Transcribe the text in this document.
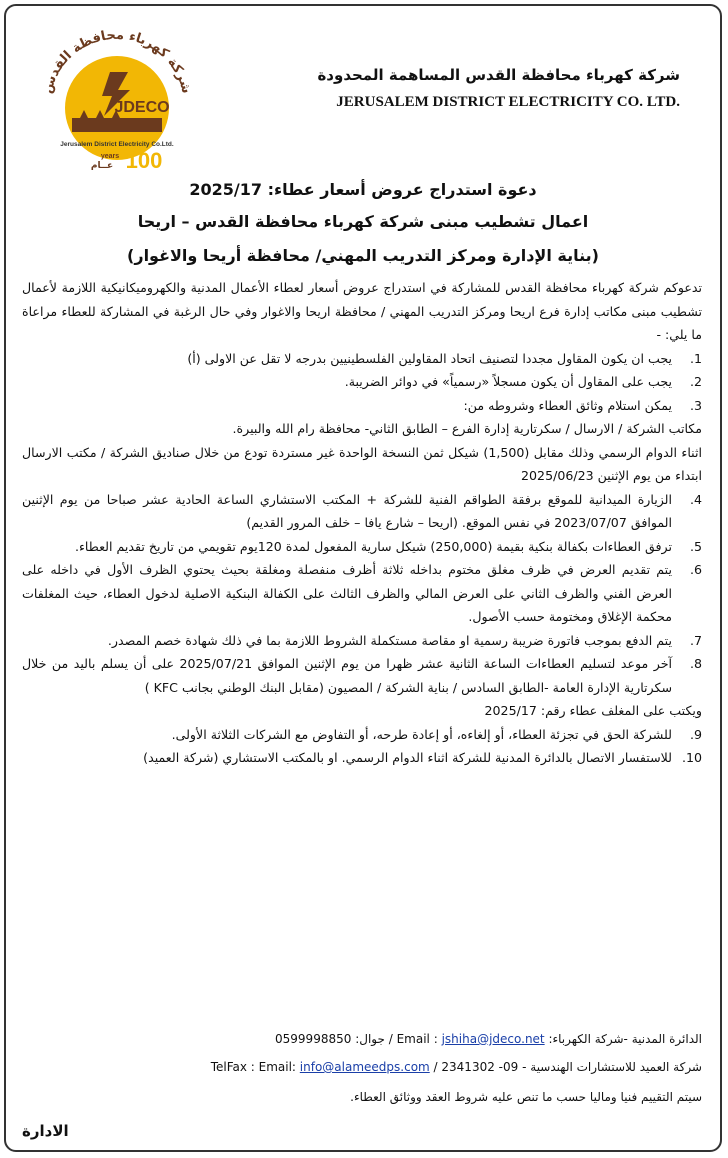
شركة كهرباء محافظة القدس
JDECO
Jerusalem District Electricity Co.Ltd.
100
years
عــام
شركة كهرباء محافظة القدس المساهمة المحدودة
JERUSALEM DISTRICT ELECTRICITY CO. LTD.
دعوة استدراج عروض أسعار عطاء: 2025/17
اعمال تشطيب مبنى شركة كهرباء محافظة القدس – اريحا
(بناية الإدارة ومركز التدريب المهني/ محافظة أريحا والاغوار)

تدعوكم شركة كهرباء محافظة القدس للمشاركة في استدراج عروض أسعار لعطاء الأعمال المدنية والكهروميكانيكية اللازمة لأعمال تشطيب مبنى مكاتب إدارة فرع اريحا ومركز التدريب المهني / محافظة اريحا والاغوار وفي حال الرغبة في المشاركة للعطاء مراعاة ما يلي: -

1.
يجب ان يكون المقاول مجددا لتصنيف اتحاد المقاولين الفلسطينيين بدرجه لا تقل عن الاولى (أ)
2.
يجب على المقاول أن يكون مسجلاً «رسمياً» في دوائر الضريبة.
3.
يمكن استلام وثائق العطاء وشروطه من:

مكاتب الشركة / الارسال / سكرتارية إدارة الفرع – الطابق الثاني- محافظة رام الله والبيرة.

اثناء الدوام الرسمي وذلك مقابل (1,500) شيكل ثمن النسخة الواحدة غير مستردة تودع من خلال صناديق الشركة / مكتب الارسال ابتداء من يوم الإثنين 2025/06/23

4.
الزيارة الميدانية للموقع برفقة الطواقم الفنية للشركة + المكتب الاستشاري الساعة الحادية عشر صباحا من يوم الإثنين الموافق 2023/07/07 في نفس الموقع. (اريحا – شارع يافا – خلف المرور القديم)
5.
ترفق العطاءات بكفالة بنكية بقيمة (250,000) شيكل سارية المفعول لمدة 120يوم تقويمي من تاريخ تقديم العطاء.
6.
يتم تقديم العرض في ظرف مغلق مختوم بداخله ثلاثة أظرف منفصلة ومغلقة بحيث يحتوي الظرف الأول في داخله على العرض الفني والظرف الثاني على العرض المالي والظرف الثالث على الكفالة البنكية الاصلية لدخول العطاء، حيث المغلفات محكمة الإغلاق ومختومة حسب الأصول.
7.
يتم الدفع بموجب فاتورة ضريبة رسمية او مقاصة مستكملة الشروط اللازمة بما في ذلك شهادة خصم المصدر.
8.
آخر موعد لتسليم العطاءات الساعة الثانية عشر ظهرا من يوم الإثنين الموافق 2025/07/21 على أن يسلم باليد من خلال سكرتارية الإدارة العامة -الطابق السادس / بناية الشركة / المصيون (مقابل البنك الوطني بجانب KFC )

ويكتب على المغلف عطاء رقم: 2025/17

9.
للشركة الحق في تجزئة العطاء، أو إلغاءه، أو إعادة طرحه، أو التفاوض مع الشركات الثلاثة الأولى.
10.
للاستفسار الاتصال بالدائرة المدنية للشركة اثناء الدوام الرسمي. او بالمكتب الاستشاري (شركة العميد)
الدائرة المدنية -شركة الكهرباء: Email : jshiha@jdeco.net / جوال: 0599998850
شركة العميد للاستشارات الهندسية - 09- 2341302 / TelFax : Email: info@alameedps.com
سيتم التقييم فنيا وماليا حسب ما تنص عليه شروط العقد ووثائق العطاء.
الادارة
